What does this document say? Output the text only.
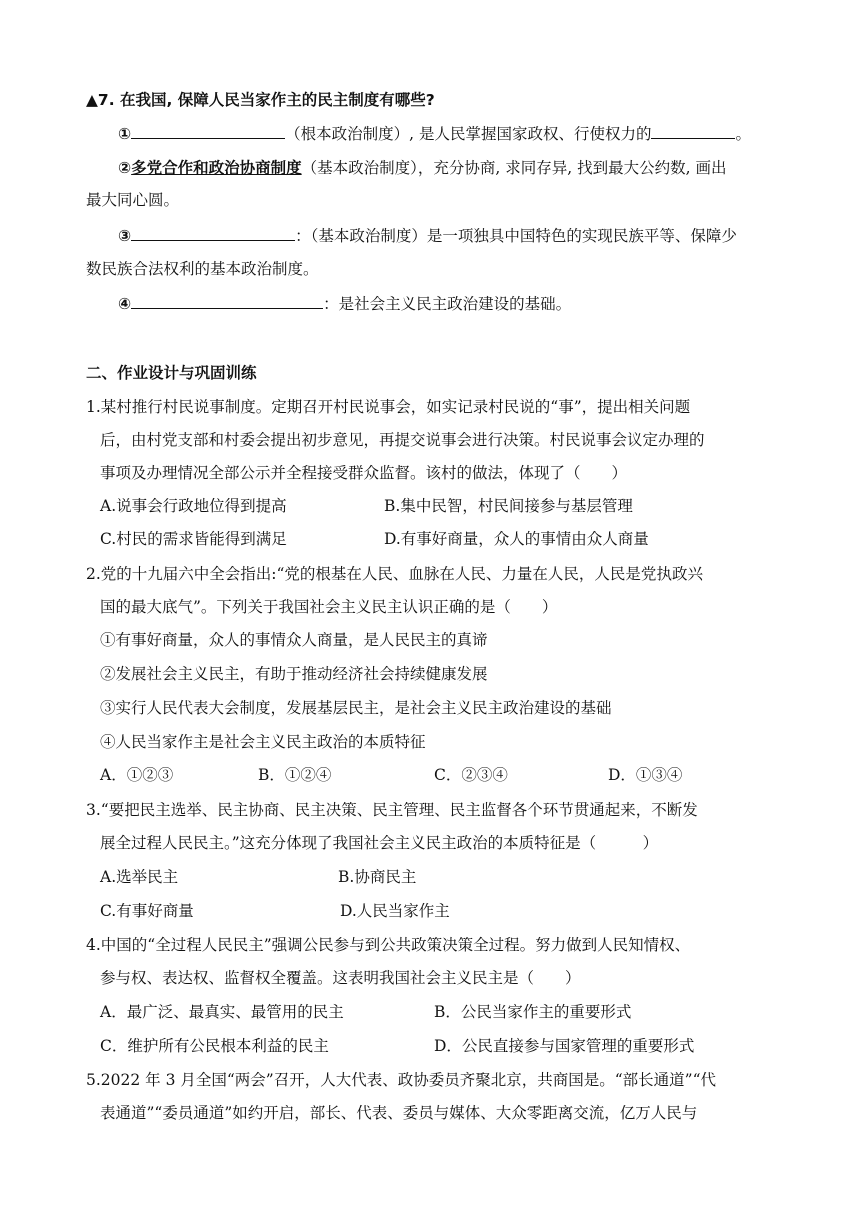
▲7. 在我国, 保障人民当家作主的民主制度有哪些?
①	（根本政治制度）, 是人民掌握国家政权、行使权力的	。
②多党合作和政治协商制度（基本政治制度），充分协商, 求同存异, 找到最大公约数, 画出
最大同心圆。
③	：（基本政治制度）是一项独具中国特色的实现民族平等、保障少
数民族合法权利的基本政治制度。
④	：是社会主义民主政治建设的基础。
二、作业设计与巩固训练
1.某村推行村民说事制度。定期召开村民说事会，如实记录村民说的“事”，提出相关问题
后，由村党支部和村委会提出初步意见，再提交说事会进行决策。村民说事会议定办理的
事项及办理情况全部公示并全程接受群众监督。该村的做法，体现了（　　）
A.说事会行政地位得到提高	B.集中民智，村民间接参与基层管理
C.村民的需求皆能得到满足	D.有事好商量，众人的事情由众人商量
2.党的十九届六中全会指出:“党的根基在人民、血脉在人民、力量在人民，人民是党执政兴
国的最大底气”。下列关于我国社会主义民主认识正确的是（　　）
①有事好商量，众人的事情众人商量，是人民民主的真谛
②发展社会主义民主，有助于推动经济社会持续健康发展
③实行人民代表大会制度，发展基层民主，是社会主义民主政治建设的基础
④人民当家作主是社会主义民主政治的本质特征
A．①②③	B．①②④	C．②③④	D．①③④
3.“要把民主选举、民主协商、民主决策、民主管理、民主监督各个环节贯通起来，不断发
展全过程人民民主。”这充分体现了我国社会主义民主政治的本质特征是（　　　）
A.选举民主	B.协商民主
C.有事好商量	D.人民当家作主
4.中国的“全过程人民民主”强调公民参与到公共政策决策全过程。努力做到人民知情权、
参与权、表达权、监督权全覆盖。这表明我国社会主义民主是（　　）
A．最广泛、最真实、最管用的民主	B．公民当家作主的重要形式
C．维护所有公民根本利益的民主	D．公民直接参与国家管理的重要形式
5.2022 年 3 月全国“两会”召开，人大代表、政协委员齐聚北京，共商国是。“部长通道”“代
表通道”“委员通道”如约开启，部长、代表、委员与媒体、大众零距离交流，亿万人民与
